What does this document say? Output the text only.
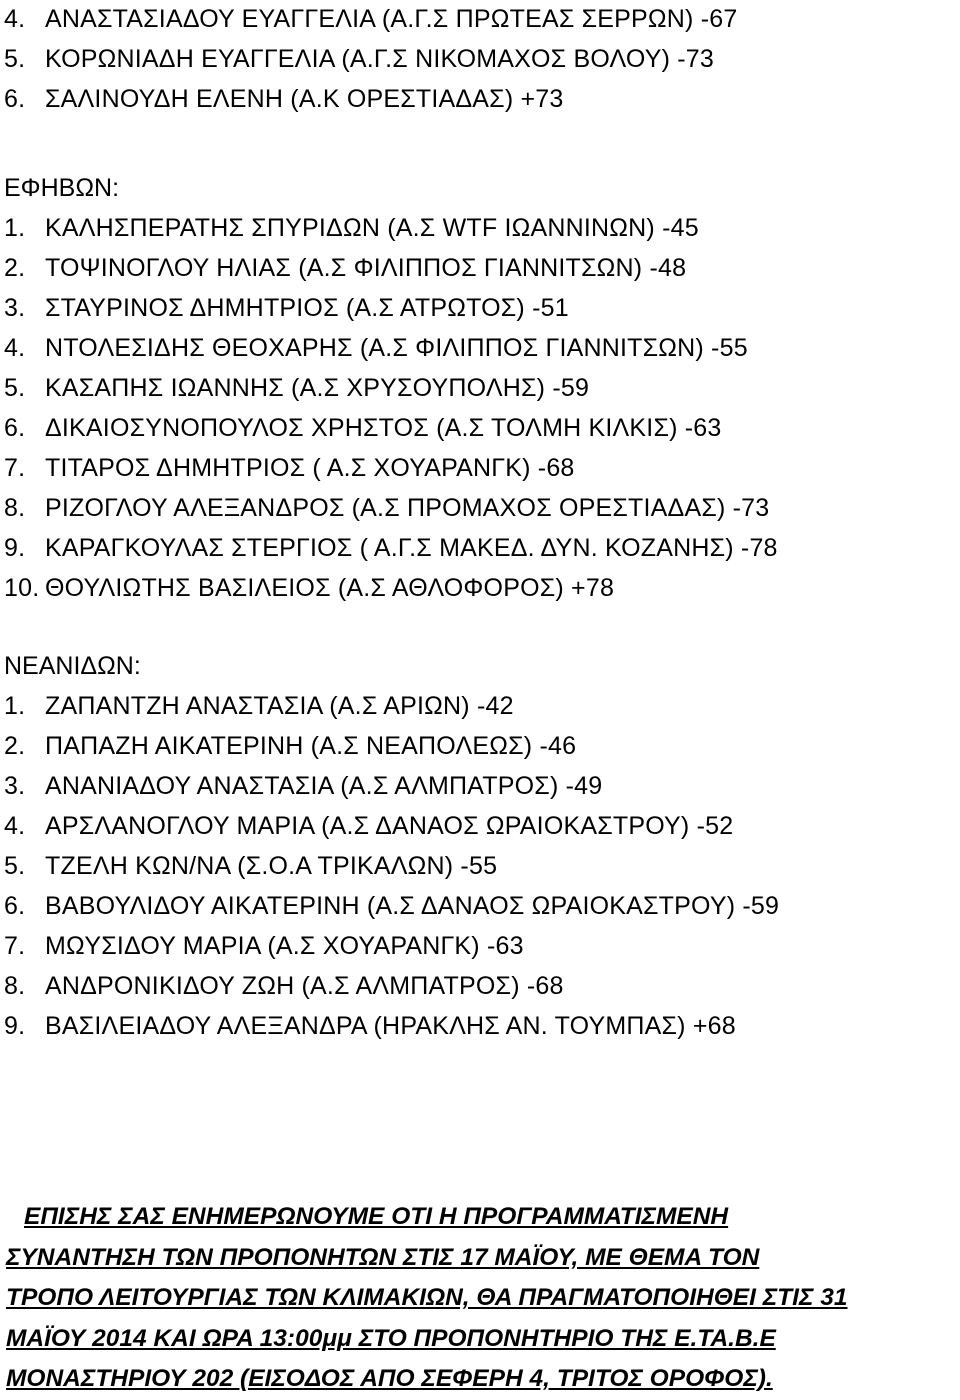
4. ΑΝΑΣΤΑΣΙΑΔΟΥ ΕΥΑΓΓΕΛΙΑ (Α.Γ.Σ ΠΡΩΤΕΑΣ ΣΕΡΡΩΝ) -67
5. ΚΟΡΩΝΙΑΔΗ ΕΥΑΓΓΕΛΙΑ (Α.Γ.Σ ΝΙΚΟΜΑΧΟΣ ΒΟΛΟΥ) -73
6. ΣΑΛΙΝΟΥΔΗ ΕΛΕΝΗ (Α.Κ ΟΡΕΣΤΙΑΔΑΣ) +73
ΕΦΗΒΩΝ:
1. ΚΑΛΗΣΠΕΡΑΤΗΣ ΣΠΥΡΙΔΩΝ (Α.Σ WTF ΙΩΑΝΝΙΝΩΝ) -45
2. ΤΟΨΙΝΟΓΛΟΥ ΗΛΙΑΣ (Α.Σ ΦΙΛΙΠΠΟΣ ΓΙΑΝΝΙΤΣΩΝ) -48
3. ΣΤΑΥΡΙΝΟΣ ΔΗΜΗΤΡΙΟΣ (Α.Σ ΑΤΡΩΤΟΣ) -51
4. ΝΤΟΛΕΣΙΔΗΣ ΘΕΟΧΑΡΗΣ (Α.Σ ΦΙΛΙΠΠΟΣ ΓΙΑΝΝΙΤΣΩΝ) -55
5. ΚΑΣΑΠΗΣ ΙΩΑΝΝΗΣ (Α.Σ ΧΡΥΣΟΥΠΟΛΗΣ) -59
6. ΔΙΚΑΙΟΣΥΝΟΠΟΥΛΟΣ ΧΡΗΣΤΟΣ (Α.Σ ΤΟΛΜΗ ΚΙΛΚΙΣ) -63
7. ΤΙΤΑΡΟΣ ΔΗΜΗΤΡΙΟΣ ( Α.Σ ΧΟΥΑΡΑΝΓΚ) -68
8. ΡΙΖΟΓΛΟΥ ΑΛΕΞΑΝΔΡΟΣ (Α.Σ ΠΡΟΜΑΧΟΣ ΟΡΕΣΤΙΑΔΑΣ) -73
9. ΚΑΡΑΓΚΟΥΛΑΣ ΣΤΕΡΓΙΟΣ ( Α.Γ.Σ ΜΑΚΕΔ. ΔΥΝ. ΚΟΖΑΝΗΣ) -78
10. ΘΟΥΛΙΩΤΗΣ ΒΑΣΙΛΕΙΟΣ (Α.Σ ΑΘΛΟΦΟΡΟΣ) +78
ΝΕΑΝΙΔΩΝ:
1. ΖΑΠΑΝΤΖΗ ΑΝΑΣΤΑΣΙΑ (Α.Σ ΑΡΙΩΝ) -42
2. ΠΑΠΑΖΗ ΑΙΚΑΤΕΡΙΝΗ (Α.Σ ΝΕΑΠΟΛΕΩΣ) -46
3. ΑΝΑΝΙΑΔΟΥ ΑΝΑΣΤΑΣΙΑ (Α.Σ ΑΛΜΠΑΤΡΟΣ) -49
4. ΑΡΣΛΑΝΟΓΛΟΥ ΜΑΡΙΑ (Α.Σ ΔΑΝΑΟΣ ΩΡΑΙΟΚΑΣΤΡΟΥ) -52
5. ΤΖΕΛΗ ΚΩΝ/ΝΑ (Σ.Ο.Α ΤΡΙΚΑΛΩΝ) -55
6. ΒΑΒΟΥΛΙΔΟΥ ΑΙΚΑΤΕΡΙΝΗ (Α.Σ ΔΑΝΑΟΣ ΩΡΑΙΟΚΑΣΤΡΟΥ) -59
7. ΜΩΥΣΙΔΟΥ ΜΑΡΙΑ (Α.Σ ΧΟΥΑΡΑΝΓΚ) -63
8. ΑΝΔΡΟΝΙΚΙΔΟΥ ΖΩΗ (Α.Σ ΑΛΜΠΑΤΡΟΣ) -68
9. ΒΑΣΙΛΕΙΑΔΟΥ ΑΛΕΞΑΝΔΡΑ (ΗΡΑΚΛΗΣ ΑΝ. ΤΟΥΜΠΑΣ) +68
ΕΠΙΣΗΣ ΣΑΣ ΕΝΗΜΕΡΩΝΟΥΜΕ ΟΤΙ Η ΠΡΟΓΡΑΜΜΑΤΙΣΜΕΝΗ
ΣΥΝΑΝΤΗΣΗ ΤΩΝ ΠΡΟΠΟΝΗΤΩΝ ΣΤΙΣ 17 ΜΑΪΟΥ, ΜΕ ΘΕΜΑ ΤΟΝ
ΤΡΟΠΟ ΛΕΙΤΟΥΡΓΙΑΣ ΤΩΝ ΚΛΙΜΑΚΙΩΝ, ΘΑ ΠΡΑΓΜΑΤΟΠΟΙΗΘΕΙ ΣΤΙΣ 31
ΜΑΪΟΥ 2014 ΚΑΙ ΩΡΑ 13:00μμ ΣΤΟ ΠΡΟΠΟΝΗΤΗΡΙΟ ΤΗΣ Ε.ΤΑ.Β.Ε
ΜΟΝΑΣΤΗΡΙΟΥ 202 (ΕΙΣΟΔΟΣ ΑΠΟ ΣΕΦΕΡΗ 4, ΤΡΙΤΟΣ ΟΡΟΦΟΣ).
